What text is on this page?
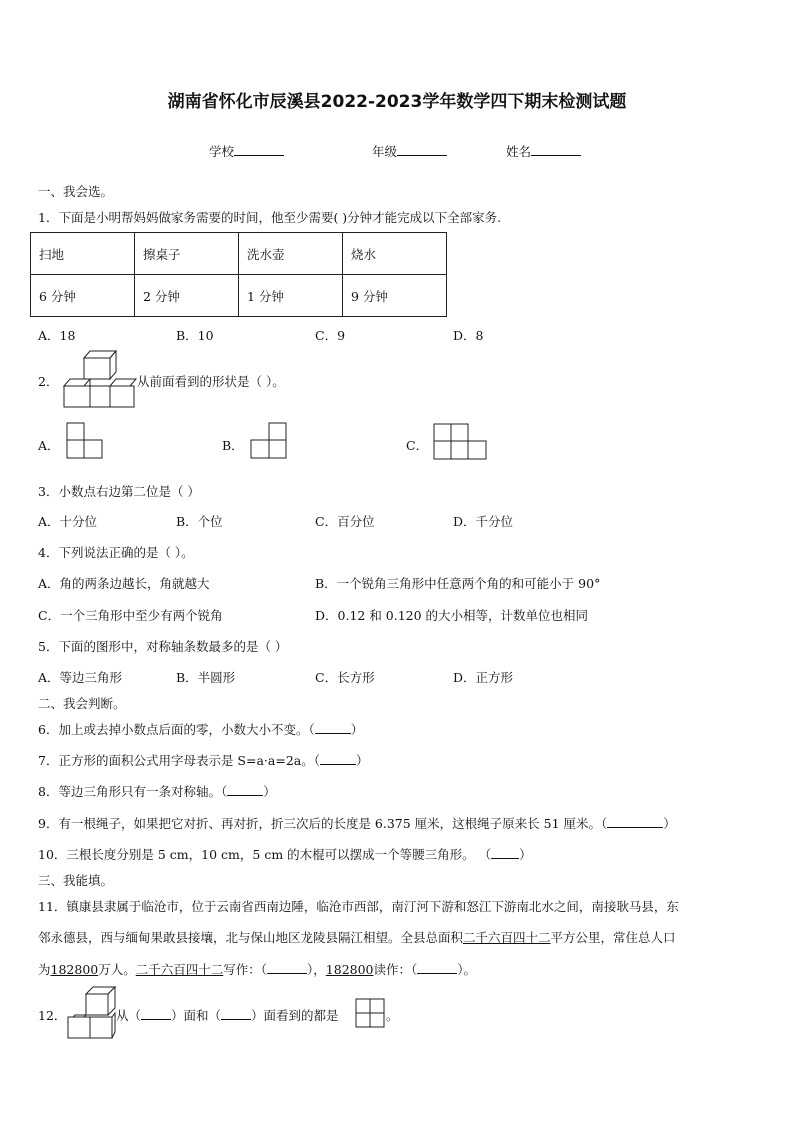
湖南省怀化市辰溪县2022-2023学年数学四下期末检测试题
学校	年级	姓名
一、我会选。
1．下面是小明帮妈妈做家务需要的时间，他至少需要( )分钟才能完成以下全部家务.
扫地	擦桌子	洗水壶	烧水
6 分钟	2 分钟	1 分钟	9 分钟
A．18	B．10	C．9	D．8
2．	从前面看到的形状是（ ）。
A．	B．	C．
3．小数点右边第二位是（ ）
A．十分位	B．个位	C．百分位	D．千分位
4．下列说法正确的是（ ）。
A．角的两条边越长，角就越大	B．一个锐角三角形中任意两个角的和可能小于 90°
C．一个三角形中至少有两个锐角	D．0.12 和 0.120 的大小相等，计数单位也相同
5．下面的图形中，对称轴条数最多的是（ ）
A．等边三角形	B．半圆形	C．长方形	D．正方形
二、我会判断。
6．加上或去掉小数点后面的零，小数大小不变。（	）
7．正方形的面积公式用字母表示是 S=a·a=2a。（	）
8．等边三角形只有一条对称轴。（	）
9．有一根绳子，如果把它对折、再对折，折三次后的长度是 6.375 厘米，这根绳子原来长 51 厘米。（	）
10．三根长度分别是 5 cm，10 cm，5 cm 的木棍可以摆成一个等腰三角形。 （ ）
三、我能填。
11．镇康县隶属于临沧市，位于云南省西南边陲，临沧市西部，南汀河下游和怒江下游南北水之间，南接耿马县，东
邻永德县，西与缅甸果敢县接壤，北与保山地区龙陵县隔江相望。全县总面积二千六百四十二平方公里，常住总人口
为182800万人。二千六百四十二写作：（	），182800读作：（	）。
12．	从（ ）面和（ ）面看到的都是	。
